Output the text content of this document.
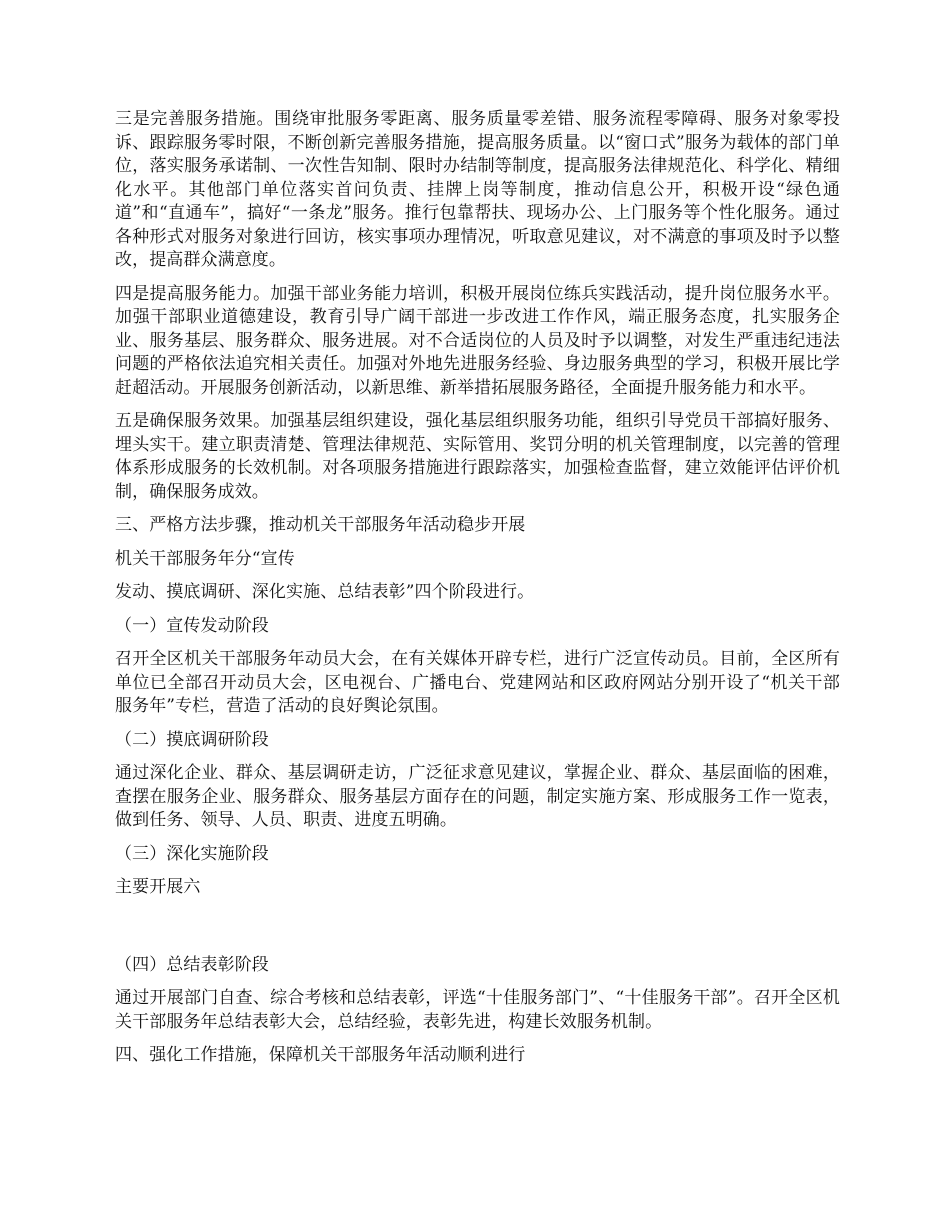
三是完善服务措施。围绕审批服务零距离、服务质量零差错、服务流程零障碍、服务对象零投诉、跟踪服务零时限，不断创新完善服务措施，提高服务质量。以“窗口式”服务为载体的部门单位，落实服务承诺制、一次性告知制、限时办结制等制度，提高服务法律规范化、科学化、精细化水平。其他部门单位落实首问负责、挂牌上岗等制度，推动信息公开，积极开设“绿色通道”和“直通车”，搞好“一条龙”服务。推行包靠帮扶、现场办公、上门服务等个性化服务。通过各种形式对服务对象进行回访，核实事项办理情况，听取意见建议，对不满意的事项及时予以整改，提高群众满意度。

四是提高服务能力。加强干部业务能力培训，积极开展岗位练兵实践活动，提升岗位服务水平。加强干部职业道德建设，教育引导广阔干部进一步改进工作作风，端正服务态度，扎实服务企业、服务基层、服务群众、服务进展。对不合适岗位的人员及时予以调整，对发生严重违纪违法问题的严格依法追究相关责任。加强对外地先进服务经验、身边服务典型的学习，积极开展比学赶超活动。开展服务创新活动，以新思维、新举措拓展服务路径，全面提升服务能力和水平。

五是确保服务效果。加强基层组织建设，强化基层组织服务功能，组织引导党员干部搞好服务、埋头实干。建立职责清楚、管理法律规范、实际管用、奖罚分明的机关管理制度，以完善的管理体系形成服务的长效机制。对各项服务措施进行跟踪落实，加强检查监督，建立效能评估评价机制，确保服务成效。

三、严格方法步骤，推动机关干部服务年活动稳步开展

机关干部服务年分“宣传

发动、摸底调研、深化实施、总结表彰”四个阶段进行。

（一）宣传发动阶段

召开全区机关干部服务年动员大会，在有关媒体开辟专栏，进行广泛宣传动员。目前，全区所有单位已全部召开动员大会，区电视台、广播电台、党建网站和区政府网站分别开设了“机关干部服务年”专栏，营造了活动的良好舆论氛围。

（二）摸底调研阶段

通过深化企业、群众、基层调研走访，广泛征求意见建议，掌握企业、群众、基层面临的困难，查摆在服务企业、服务群众、服务基层方面存在的问题，制定实施方案、形成服务工作一览表，做到任务、领导、人员、职责、进度五明确。

（三）深化实施阶段

主要开展六

（四）总结表彰阶段

通过开展部门自查、综合考核和总结表彰，评选“十佳服务部门”、“十佳服务干部”。召开全区机关干部服务年总结表彰大会，总结经验，表彰先进，构建长效服务机制。

四、强化工作措施，保障机关干部服务年活动顺利进行
